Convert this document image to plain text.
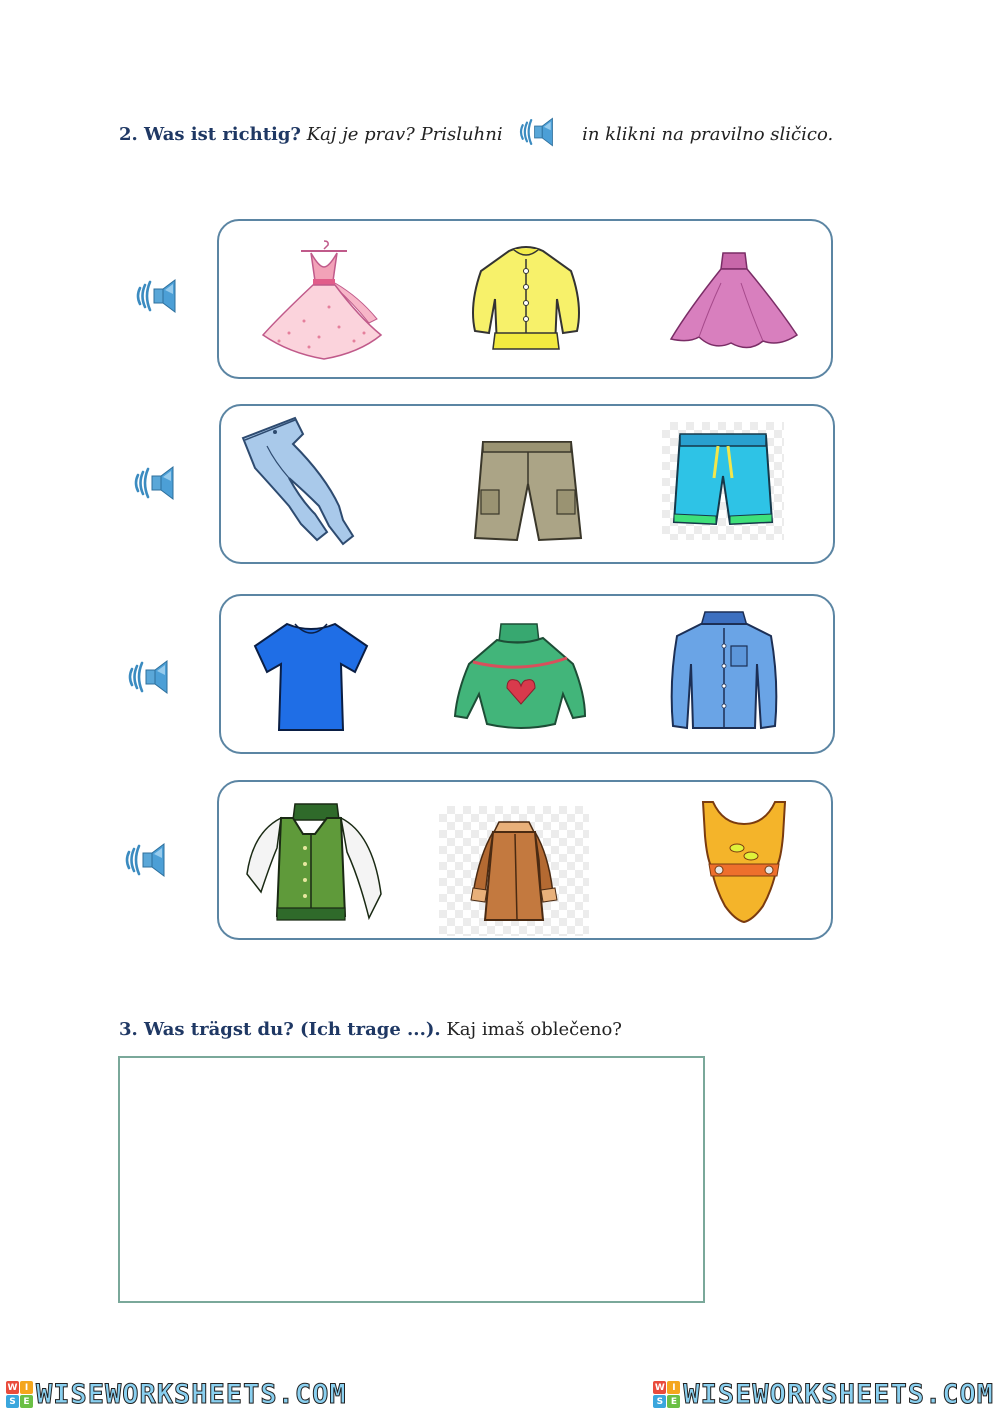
2. Was ist richtig? Kaj je prav? Prisluhni	in klikni na pravilno sličico.
3. Was trägst du? (Ich trage ...). Kaj imaš oblečeno?
W I
S E WISEWORKSHEETS.COM	W I
S E WISEWORKSHEETS.COM
